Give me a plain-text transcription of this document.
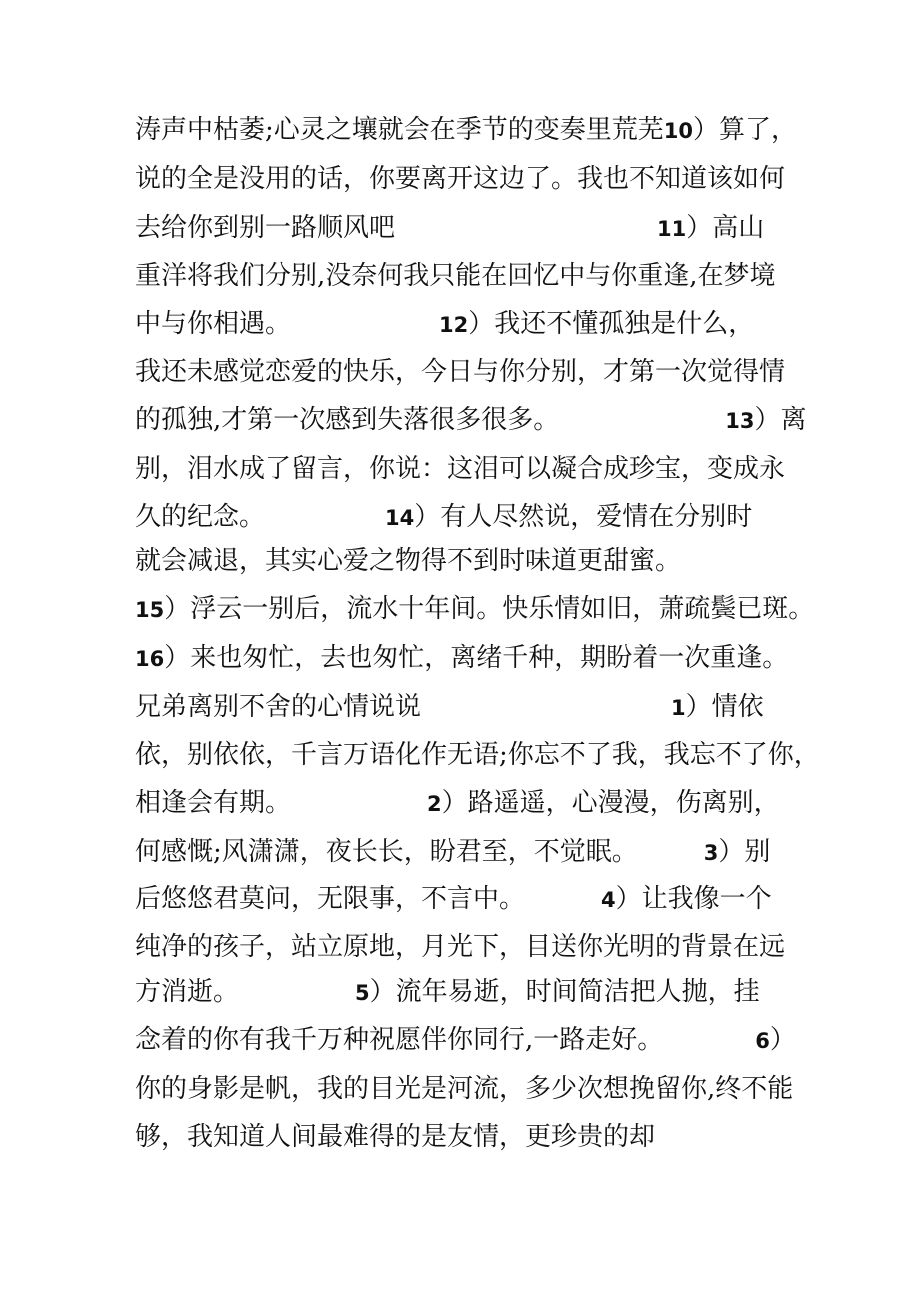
涛声中枯萎;心灵之壤就会在季节的变奏里荒芜10）算了，
说的全是没用的话，你要离开这边了。我也不知道该如何
去给你到别一路顺风吧	11）高山
重洋将我们分别,没奈何我只能在回忆中与你重逢,在梦境
中与你相遇。	12）我还不懂孤独是什么，
我还未感觉恋爱的快乐，今日与你分别，才第一次觉得情
的孤独,才第一次感到失落很多很多。	13）离
别，泪水成了留言，你说：这泪可以凝合成珍宝，变成永
久的纪念。	14）有人尽然说，爱情在分别时
就会减退，其实心爱之物得不到时味道更甜蜜。
15）浮云一别后，流水十年间。快乐情如旧，萧疏鬓已斑。
16）来也匆忙，去也匆忙，离绪千种，期盼着一次重逢。
兄弟离别不舍的心情说说	1）情依
依，别依依，千言万语化作无语;你忘不了我，我忘不了你，
相逢会有期。	2）路遥遥，心漫漫，伤离别，
何感慨;风潇潇，夜长长，盼君至，不觉眠。	3）别
后悠悠君莫问，无限事，不言中。	4）让我像一个
纯净的孩子，站立原地，月光下，目送你光明的背景在远
方消逝。	5）流年易逝，时间简洁把人抛，挂
念着的你有我千万种祝愿伴你同行,一路走好。	6）
你的身影是帆，我的目光是河流，多少次想挽留你,终不能
够，我知道人间最难得的是友情，更珍贵的却
